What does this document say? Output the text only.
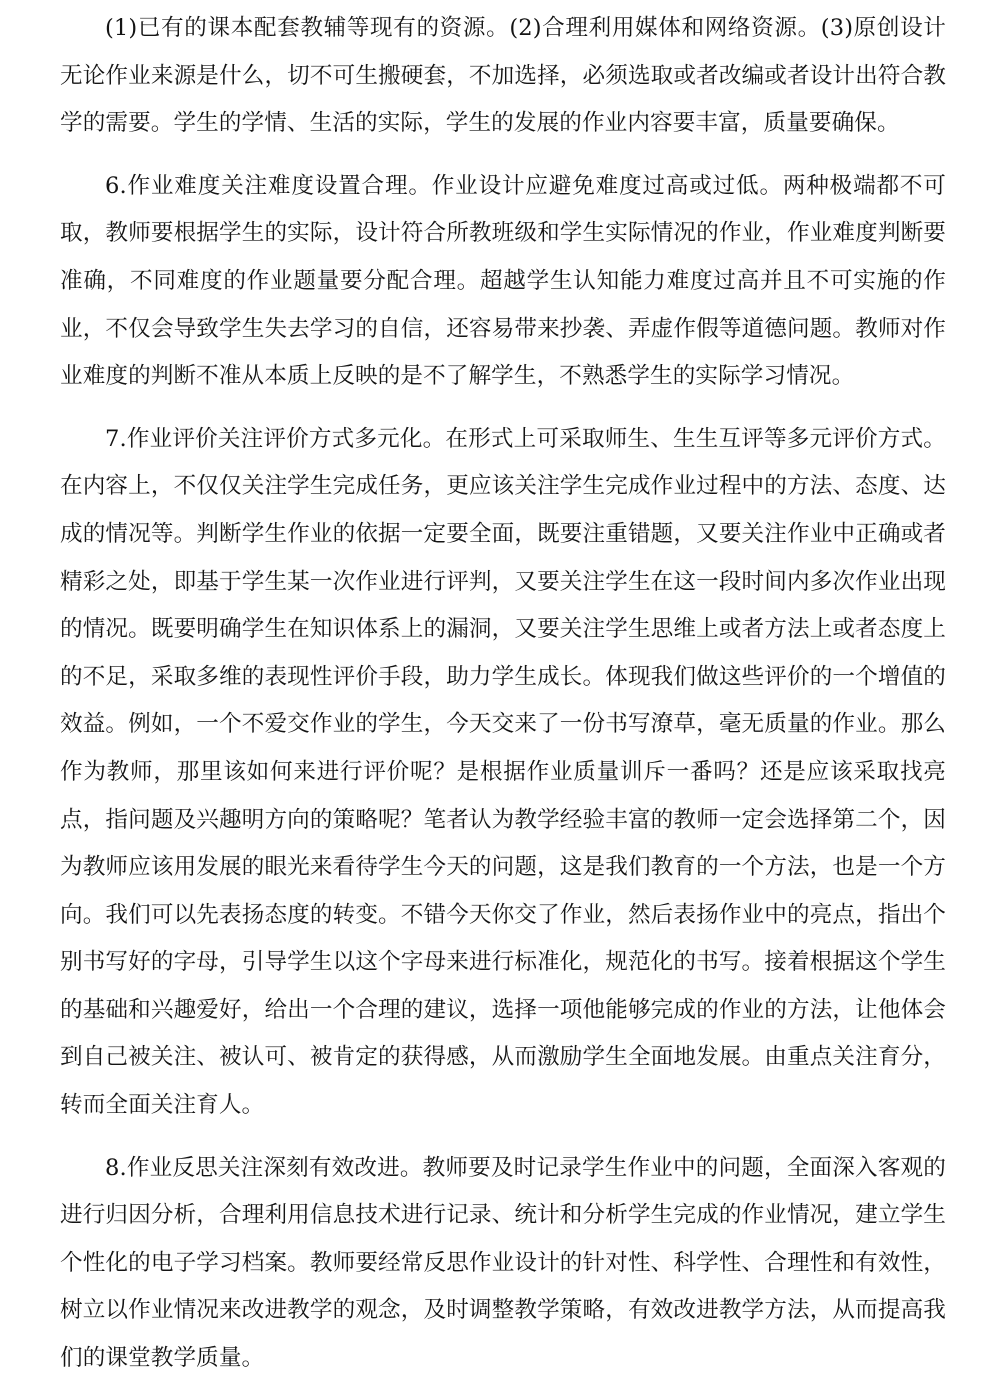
(1)已有的课本配套教辅等现有的资源。(2)合理利用媒体和网络资源。(3)原创设计无论作业来源是什么，切不可生搬硬套，不加选择，必须选取或者改编或者设计出符合教学的需要。学生的学情、生活的实际，学生的发展的作业内容要丰富，质量要确保。

6.作业难度关注难度设置合理。作业设计应避免难度过高或过低。两种极端都不可取，教师要根据学生的实际，设计符合所教班级和学生实际情况的作业，作业难度判断要准确，不同难度的作业题量要分配合理。超越学生认知能力难度过高并且不可实施的作业，不仅会导致学生失去学习的自信，还容易带来抄袭、弄虚作假等道德问题。教师对作业难度的判断不准从本质上反映的是不了解学生，不熟悉学生的实际学习情况。

7.作业评价关注评价方式多元化。在形式上可采取师生、生生互评等多元评价方式。在内容上，不仅仅关注学生完成任务，更应该关注学生完成作业过程中的方法、态度、达成的情况等。判断学生作业的依据一定要全面，既要注重错题，又要关注作业中正确或者精彩之处，即基于学生某一次作业进行评判，又要关注学生在这一段时间内多次作业出现的情况。既要明确学生在知识体系上的漏洞，又要关注学生思维上或者方法上或者态度上的不足，采取多维的表现性评价手段，助力学生成长。体现我们做这些评价的一个增值的效益。例如，一个不爱交作业的学生，今天交来了一份书写潦草，毫无质量的作业。那么作为教师，那里该如何来进行评价呢？是根据作业质量训斥一番吗？还是应该采取找亮点，指问题及兴趣明方向的策略呢？笔者认为教学经验丰富的教师一定会选择第二个，因为教师应该用发展的眼光来看待学生今天的问题，这是我们教育的一个方法，也是一个方向。我们可以先表扬态度的转变。不错今天你交了作业，然后表扬作业中的亮点，指出个别书写好的字母，引导学生以这个字母来进行标准化，规范化的书写。接着根据这个学生的基础和兴趣爱好，给出一个合理的建议，选择一项他能够完成的作业的方法，让他体会到自己被关注、被认可、被肯定的获得感，从而激励学生全面地发展。由重点关注育分，转而全面关注育人。

8.作业反思关注深刻有效改进。教师要及时记录学生作业中的问题，全面深入客观的进行归因分析，合理利用信息技术进行记录、统计和分析学生完成的作业情况，建立学生个性化的电子学习档案。教师要经常反思作业设计的针对性、科学性、合理性和有效性，树立以作业情况来改进教学的观念，及时调整教学策略，有效改进教学方法，从而提高我们的课堂教学质量。
